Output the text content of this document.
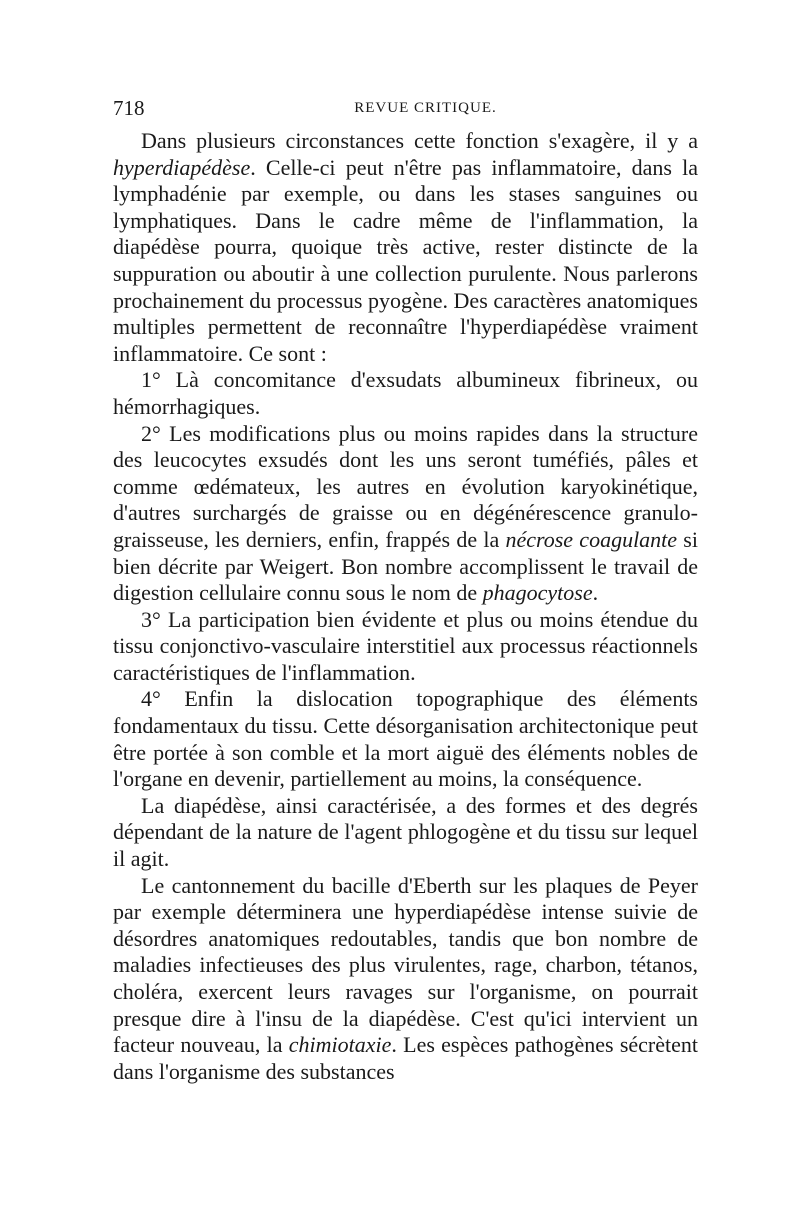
718	REVUE CRITIQUE.

Dans plusieurs circonstances cette fonction s'exagère, il y a hyperdiapédèse. Celle-ci peut n'être pas inflammatoire, dans la lymphadénie par exemple, ou dans les stases sanguines ou lymphatiques. Dans le cadre même de l'inflammation, la diapédèse pourra, quoique très active, rester distincte de la suppuration ou aboutir à une collection purulente. Nous parlerons prochainement du processus pyogène. Des caractères anatomiques multiples permettent de reconnaître l'hyperdiapédèse vraiment inflammatoire. Ce sont :

1° Là concomitance d'exsudats albumineux fibrineux, ou hémorrhagiques.

2° Les modifications plus ou moins rapides dans la structure des leucocytes exsudés dont les uns seront tuméfiés, pâles et comme œdémateux, les autres en évolution karyokinétique, d'autres surchargés de graisse ou en dégénérescence granulo-graisseuse, les derniers, enfin, frappés de la nécrose coagulante si bien décrite par Weigert. Bon nombre accomplissent le travail de digestion cellulaire connu sous le nom de phagocytose.

3° La participation bien évidente et plus ou moins étendue du tissu conjonctivo-vasculaire interstitiel aux processus réactionnels caractéristiques de l'inflammation.

4° Enfin la dislocation topographique des éléments fondamentaux du tissu. Cette désorganisation architectonique peut être portée à son comble et la mort aiguë des éléments nobles de l'organe en devenir, partiellement au moins, la conséquence.

La diapédèse, ainsi caractérisée, a des formes et des degrés dépendant de la nature de l'agent phlogogène et du tissu sur lequel il agit.

Le cantonnement du bacille d'Eberth sur les plaques de Peyer par exemple déterminera une hyperdiapédèse intense suivie de désordres anatomiques redoutables, tandis que bon nombre de maladies infectieuses des plus virulentes, rage, charbon, tétanos, choléra, exercent leurs ravages sur l'organisme, on pourrait presque dire à l'insu de la diapédèse. C'est qu'ici intervient un facteur nouveau, la chimiotaxie. Les espèces pathogènes sécrètent dans l'organisme des substances
